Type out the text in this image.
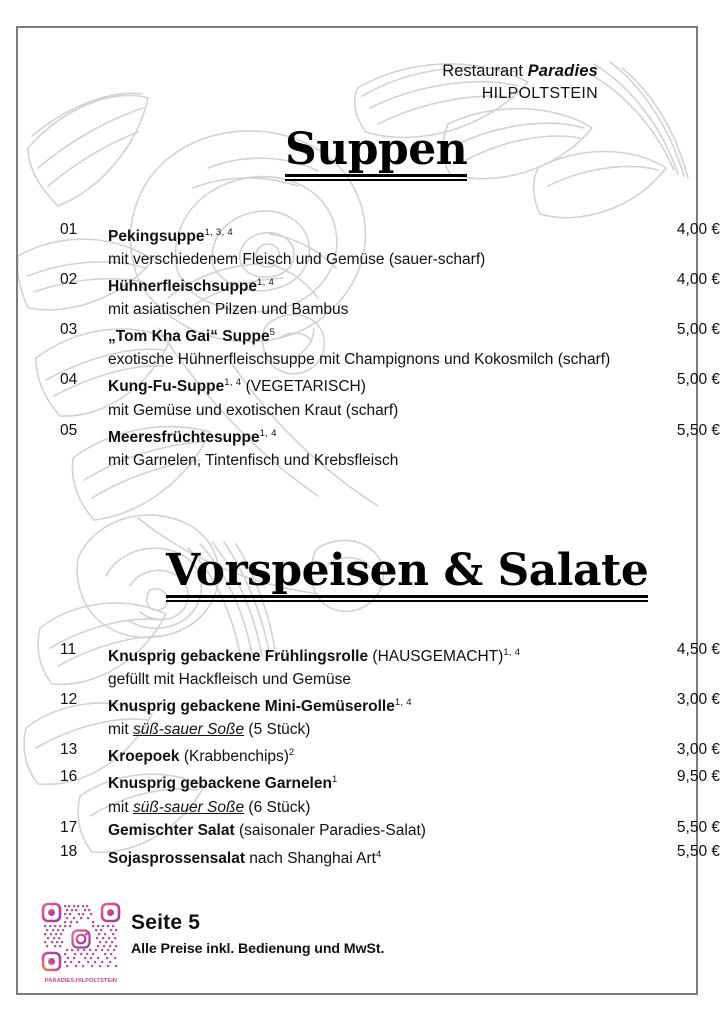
Restaurant Paradies
HILPOLTSTEIN
Suppen
01	Pekingsuppe$^{1, 3, 4}$	4,00 €
mit verschiedenem Fleisch und Gemüse (sauer-scharf)
02	Hühnerfleischsuppe$^{1, 4}$	4,00 €
mit asiatischen Pilzen und Bambus
03	„Tom Kha Gai“ Suppe$^5$	5,00 €
exotische Hühnerfleischsuppe mit Champignons und Kokosmilch (scharf)
04	Kung-Fu-Suppe$^{1, 4}$ (VEGETARISCH)	5,00 €
mit Gemüse und exotischen Kraut (scharf)
05	Meeresfrüchtesuppe$^{1, 4}$	5,50 €
mit Garnelen, Tintenfisch und Krebsfleisch
Vorspeisen & Salate
11	Knusprig gebackene Frühlingsrolle (HAUSGEMACHT)$^{1, 4}$	4,50 €
gefüllt mit Hackfleisch und Gemüse
12	Knusprig gebackene Mini-Gemüserolle$^{1, 4}$	3,00 €
mit süß-sauer Soße (5 Stück)
13	Kroepoek (Krabbenchips)$^2$	3,00 €
16	Knusprig gebackene Garnelen$^1$	9,50 €
mit süß-sauer Soße (6 Stück)
17	Gemischter Salat (saisonaler Paradies-Salat)	5,50 €
18	Sojasprossensalat nach Shanghai Art$^4$	5,50 €
PARADIES.HILPOLTSTEIN
Seite 5
Alle Preise inkl. Bedienung und MwSt.
